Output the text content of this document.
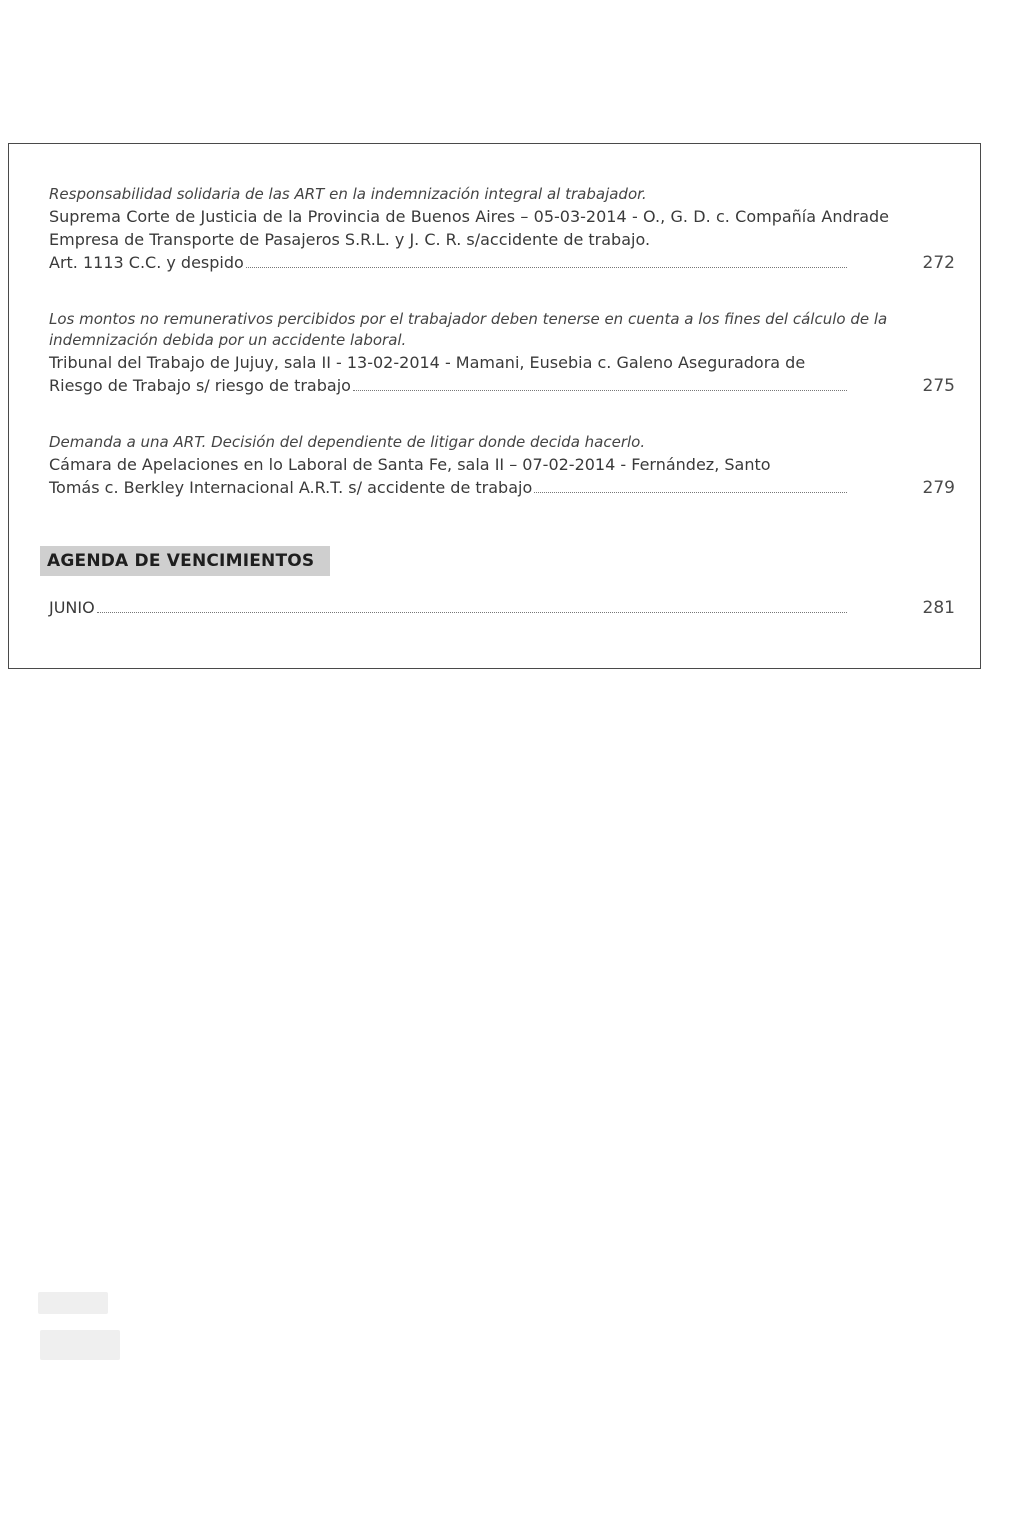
Responsabilidad solidaria de las ART en la indemnización integral al trabajador.
Suprema Corte de Justicia de la Provincia de Buenos Aires – 05-03-2014 - O., G. D. c. Compañía Andrade Empresa de Transporte de Pasajeros S.R.L. y J. C. R. s/accidente de trabajo.
Art. 1113 C.C. y despido	272
Los montos no remunerativos percibidos por el trabajador deben tenerse en cuenta a los fines del cálculo de la indemnización debida por un accidente laboral.
Tribunal del Trabajo de Jujuy, sala II - 13-02-2014 - Mamani, Eusebia c. Galeno Aseguradora de
Riesgo de Trabajo s/ riesgo de trabajo	275
Demanda a una ART. Decisión del dependiente de litigar donde decida hacerlo.
Cámara de Apelaciones en lo Laboral de Santa Fe, sala II – 07-02-2014 - Fernández, Santo
Tomás c. Berkley Internacional A.R.T. s/ accidente de trabajo	279
AGENDA DE VENCIMIENTOS
JUNIO	281
